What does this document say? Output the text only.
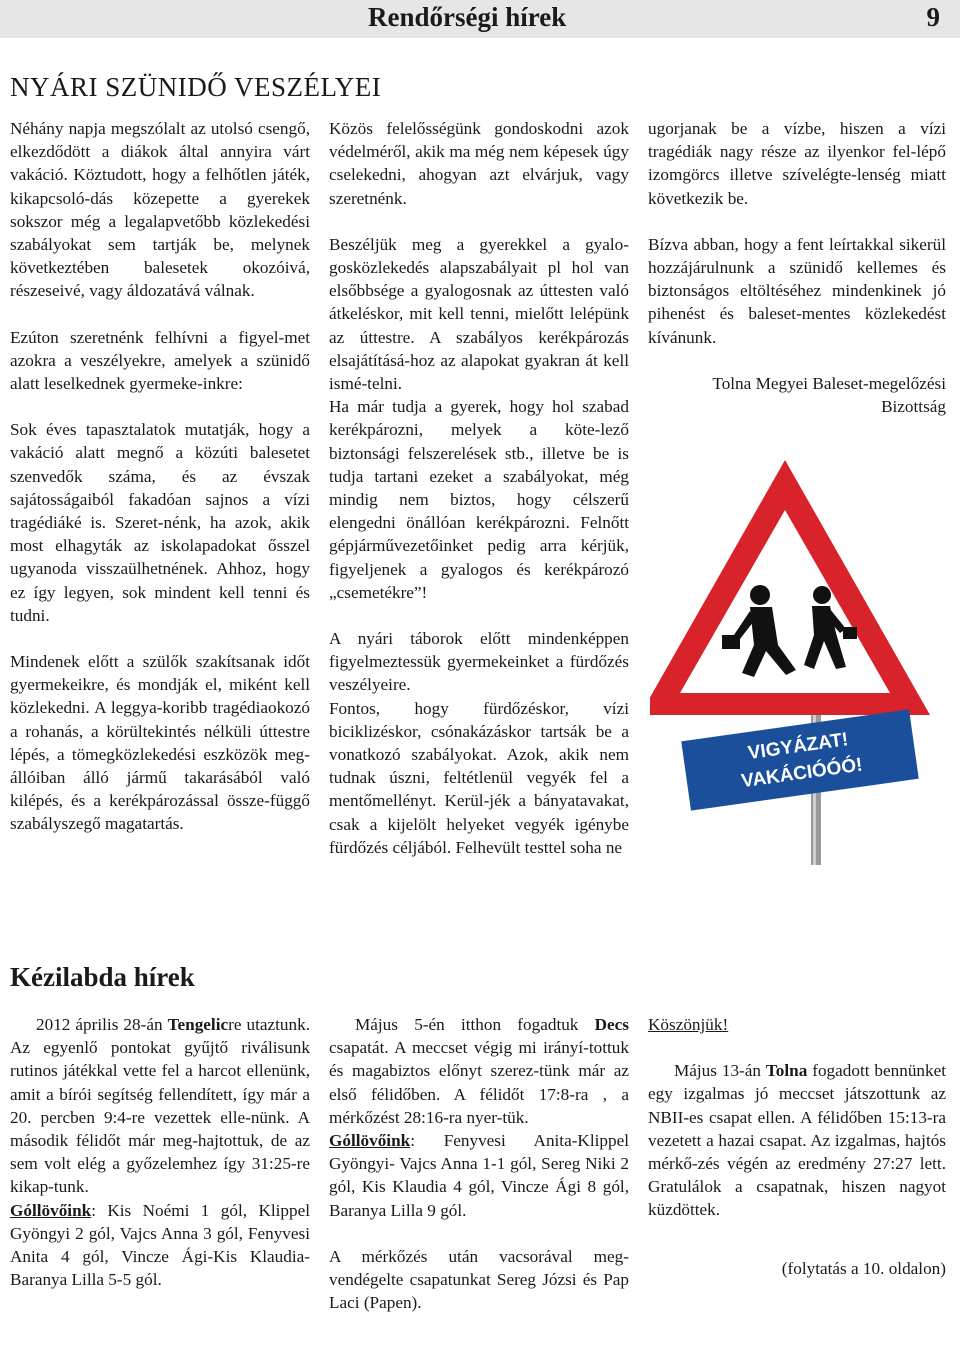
Rendőrségi hírek	9
NYÁRI SZÜNIDŐ VESZÉLYEI

Néhány napja megszólalt az utolsó csengő, elkezdődött a diákok által annyira várt vakáció. Köztudott, hogy a felhőtlen játék, kikapcsoló-dás közepette a gyerekek sokszor még a legalapvetőbb közlekedési szabályokat sem tartják be, melynek következtében balesetek okozóivá, részeseivé, vagy áldozatává válnak.

Ezúton szeretnénk felhívni a figyel-met azokra a veszélyekre, amelyek a szünidő alatt leselkednek gyermeke-inkre:

Sok éves tapasztalatok mutatják, hogy a vakáció alatt megnő a közúti balesetet szenvedők száma, és az évszak sajátosságaiból fakadóan sajnos a vízi tragédiáké is. Szeret-nénk, ha azok, akik most elhagyták az iskolapadokat ősszel ugyanoda visszaülhetnének. Ahhoz, hogy ez így legyen, sok mindent kell tenni és tudni.

Mindenek előtt a szülők szakítsanak időt gyermekeikre, és mondják el, miként kell közlekedni. A leggya-koribb tragédiaokozó a rohanás, a körültekintés nélküli úttestre lépés, a tömegközlekedési eszközök meg-állóiban álló jármű takarásából való kilépés, és a kerékpározással össze-függő szabályszegő magatartás.

Közös felelősségünk gondoskodni azok védelméről, akik ma még nem képesek úgy cselekedni, ahogyan azt elvárjuk, vagy szeretnénk.

Beszéljük meg a gyerekkel a gyalo-gosközlekedés alapszabályait pl hol van elsőbbsége a gyalogosnak az úttesten való átkeléskor, mit kell tenni, mielőtt lelépünk az úttestre. A szabályos kerékpározás elsajátításá-hoz az alapokat gyakran át kell ismé-telni.

Ha már tudja a gyerek, hogy hol szabad kerékpározni, melyek a köte-lező biztonsági felszerelések stb., illetve be is tudja tartani ezeket a szabályokat, még mindig nem biztos, hogy célszerű elengedni önállóan kerékpározni. Felnőtt gépjárművezetőinket pedig arra kérjük, figyeljenek a gyalogos és kerékpározó „csemetékre”!

A nyári táborok előtt mindenképpen figyelmeztessük gyermekeinket a fürdőzés veszélyeire.

Fontos, hogy fürdőzéskor, vízi biciklizéskor, csónakázáskor tartsák be a vonatkozó szabályokat. Azok, akik nem tudnak úszni, feltétlenül vegyék fel a mentőmellényt. Kerül-jék a bányatavakat, csak a kijelölt helyeket vegyék igénybe fürdőzés céljából. Felhevült testtel soha ne

ugorjanak be a vízbe, hiszen a vízi tragédiák nagy része az ilyenkor fel-lépő izomgörcs illetve szívelégte-lenség miatt következik be.

Bízva abban, hogy a fent leírtakkal sikerül hozzájárulnunk a szünidő kellemes és biztonságos eltöltéséhez mindenkinek jó pihenést és baleset-mentes közlekedést kívánunk.

Tolna Megyei Baleset-megelőzési Bizottság

VIGYÁZAT!
VAKÁCIÓÓÓ!
Kézilabda hírek

2012 április 28-án Tengelicre utaztunk. Az egyenlő pontokat gyűjtő riválisunk rutinos játékkal vette fel a harcot ellenünk, amit a bírói segítség fellendített, így már a 20. percben 9:4-re vezettek elle-nünk. A második félidőt már meg-hajtottuk, de az sem volt elég a győzelemhez így 31:25-re kikap-tunk.

Góllövőink: Kis Noémi 1 gól, Klippel Gyöngyi 2 gól, Vajcs Anna 3 gól, Fenyvesi Anita 4 gól, Vincze Ági-Kis Klaudia- Baranya Lilla 5-5 gól.

Május 5-én itthon fogadtuk Decs csapatát. A meccset végig mi irányí-tottuk és magabiztos előnyt szerez-tünk már az első félidőben. A félidőt 17:8-ra , a mérkőzést 28:16-ra nyer-tük.

Góllövőink: Fenyvesi Anita-Klippel Gyöngyi- Vajcs Anna 1-1 gól, Sereg Niki 2 gól, Kis Klaudia 4 gól, Vincze Ági 8 gól, Baranya Lilla 9 gól.

A mérkőzés után vacsorával meg-vendégelte csapatunkat Sereg Józsi és Pap Laci (Papen).

Köszönjük!

Május 13-án Tolna fogadott bennünket egy izgalmas jó meccset játszottunk az NBII-es csapat ellen. A félidőben 15:13-ra vezetett a hazai csapat. Az izgalmas, hajtós mérkő-zés végén az eredmény 27:27 lett. Gratulálok a csapatnak, hiszen nagyot küzdöttek.

(folytatás a 10. oldalon)
